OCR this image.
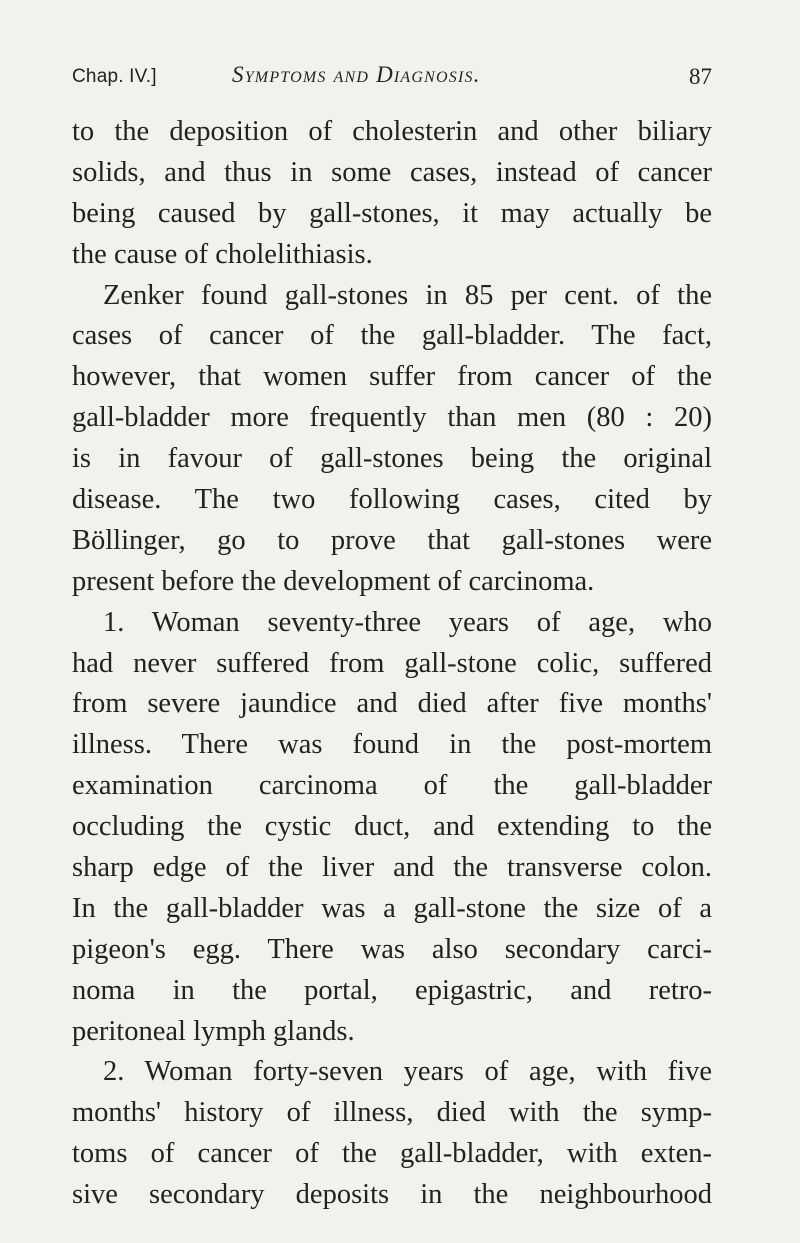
Chap. IV.]	Symptoms and Diagnosis.	87
to the deposition of cholesterin and other biliary
solids, and thus in some cases, instead of cancer
being caused by gall-stones, it may actually be
the cause of cholelithiasis.
Zenker found gall-stones in 85 per cent. of the
cases of cancer of the gall-bladder. The fact,
however, that women suffer from cancer of the
gall-bladder more frequently than men (80 : 20)
is in favour of gall-stones being the original
disease. The two following cases, cited by
Böllinger, go to prove that gall-stones were
present before the development of carcinoma.
1. Woman seventy-three years of age, who
had never suffered from gall-stone colic, suffered
from severe jaundice and died after five months'
illness. There was found in the post-mortem
examination carcinoma of the gall-bladder
occluding the cystic duct, and extending to the
sharp edge of the liver and the transverse colon.
In the gall-bladder was a gall-stone the size of a
pigeon's egg. There was also secondary carci-
noma in the portal, epigastric, and retro-
peritoneal lymph glands.
2. Woman forty-seven years of age, with five
months' history of illness, died with the symp-
toms of cancer of the gall-bladder, with exten-
sive secondary deposits in the neighbourhood
